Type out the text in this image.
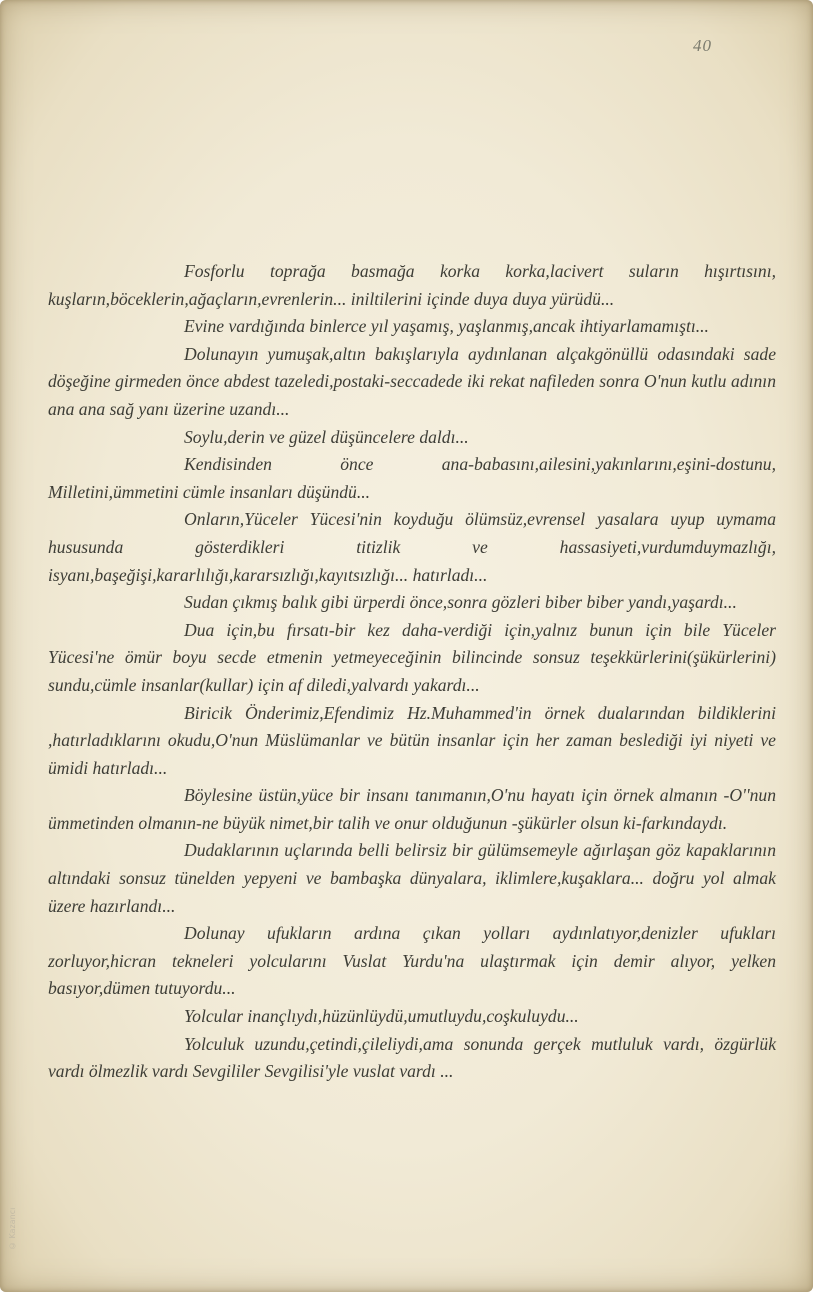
40
© Kazancı

Fosforlu toprağa basmağa korka korka,lacivert suların hışırtısını, kuşların,böceklerin,ağaçların,evrenlerin... iniltilerini içinde duya duya yürüdü...

Evine vardığında binlerce yıl yaşamış, yaşlanmış,ancak ihtiyarlamamıştı...

Dolunayın yumuşak,altın bakışlarıyla aydınlanan alçakgönüllü odasındaki sade döşeğine girmeden önce abdest tazeledi,postaki-seccadede iki rekat nafileden sonra O'nun kutlu adının ana ana sağ yanı üzerine uzandı...

Soylu,derin ve güzel düşüncelere daldı...

Kendisinden önce ana-babasını,ailesini,yakınlarını,eşini-dostunu, Milletini,ümmetini cümle insanları düşündü...

Onların,Yüceler Yücesi'nin koyduğu ölümsüz,evrensel yasalara uyup uymama hususunda gösterdikleri titizlik ve hassasiyeti,vurdumduymazlığı, isyanı,başeğişi,kararlılığı,kararsızlığı,kayıtsızlığı... hatırladı...

Sudan çıkmış balık gibi ürperdi önce,sonra gözleri biber biber yandı,yaşardı...

Dua için,bu fırsatı-bir kez daha-verdiği için,yalnız bunun için bile Yüceler Yücesi'ne ömür boyu secde etmenin yetmeyeceğinin bilincinde sonsuz teşekkürlerini(şükürlerini) sundu,cümle insanlar(kullar) için af diledi,yalvardı yakardı...

Biricik Önderimiz,Efendimiz Hz.Muhammed'in örnek dualarından bildiklerini ,hatırladıklarını okudu,O'nun Müslümanlar ve bütün insanlar için her zaman beslediği iyi niyeti ve ümidi hatırladı...

Böylesine üstün,yüce bir insanı tanımanın,O'nu hayatı için örnek almanın -O''nun ümmetinden olmanın-ne büyük nimet,bir talih ve onur olduğunun -şükürler olsun ki-farkındaydı.

Dudaklarının uçlarında belli belirsiz bir gülümsemeyle ağırlaşan göz kapaklarının altındaki sonsuz tünelden yepyeni ve bambaşka dünyalara, iklimlere,kuşaklara... doğru yol almak üzere hazırlandı...

Dolunay ufukların ardına çıkan yolları aydınlatıyor,denizler ufukları zorluyor,hicran tekneleri yolcularını Vuslat Yurdu'na ulaştırmak için demir alıyor, yelken basıyor,dümen tutuyordu...

Yolcular inançlıydı,hüzünlüydü,umutluydu,coşkuluydu...

Yolculuk uzundu,çetindi,çileliydi,ama sonunda gerçek mutluluk vardı, özgürlük vardı ölmezlik vardı Sevgililer Sevgilisi'yle vuslat vardı ...
